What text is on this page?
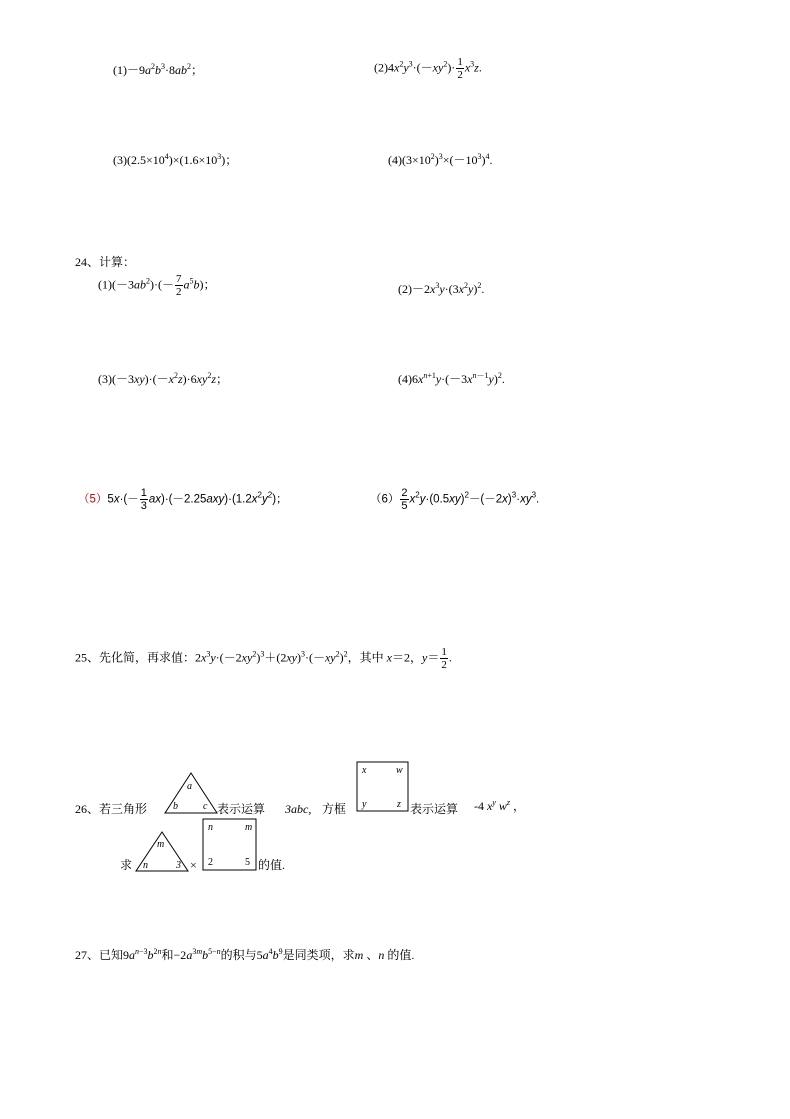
$(1)-9a^2b^3\cdot 8ab^2$；	$(2)4x^2y^3\cdot(-xy^2)\cdot \frac{1}{2} x^3z$.
$(3)(2.5\times 10^4)\times(1.6\times 10^3)$；	$(4)(3\times 10^2)^3\times(-10^3)^4$.
24、计算：
$(1)(-3ab^2)\cdot(- \frac{7}{2} a^5b)$；	$(2)-2x^3y\cdot(3x^2y)^2$.
$(3)(-3xy)\cdot(-x^2z)\cdot 6xy^2z$；	$(4)6x^{n+1}y\cdot(-3x^{n-1}y)^2$.
$(5)5x\cdot(- \frac{1}{3} ax)\cdot(-2.25axy)\cdot(1.2x^2y^2)$；	$(6) \frac{2}{5} x^2y\cdot(0.5xy)^2-(-2x)^3\cdot xy^3$.
25、先化简，再求值：$2x^3y\cdot(-2xy^2)^3+(2xy)^3\cdot(-xy^2)^2$，其中 x＝2，$y= \frac{1}{2}$ .
26、若三角形
a
b	c 表示运算 3abc, 方框
x	w
y	z 表示运算 -4 $x^y$ $w^z$ ，
求
m
n	3 ×
n	m
2	5 的值.
27、已知$9a^{n-3}b^{2n}$和$-2a^{3m}b^{5-n}$的积与$5a^4b^9$是同类项，求m 、n 的值.
